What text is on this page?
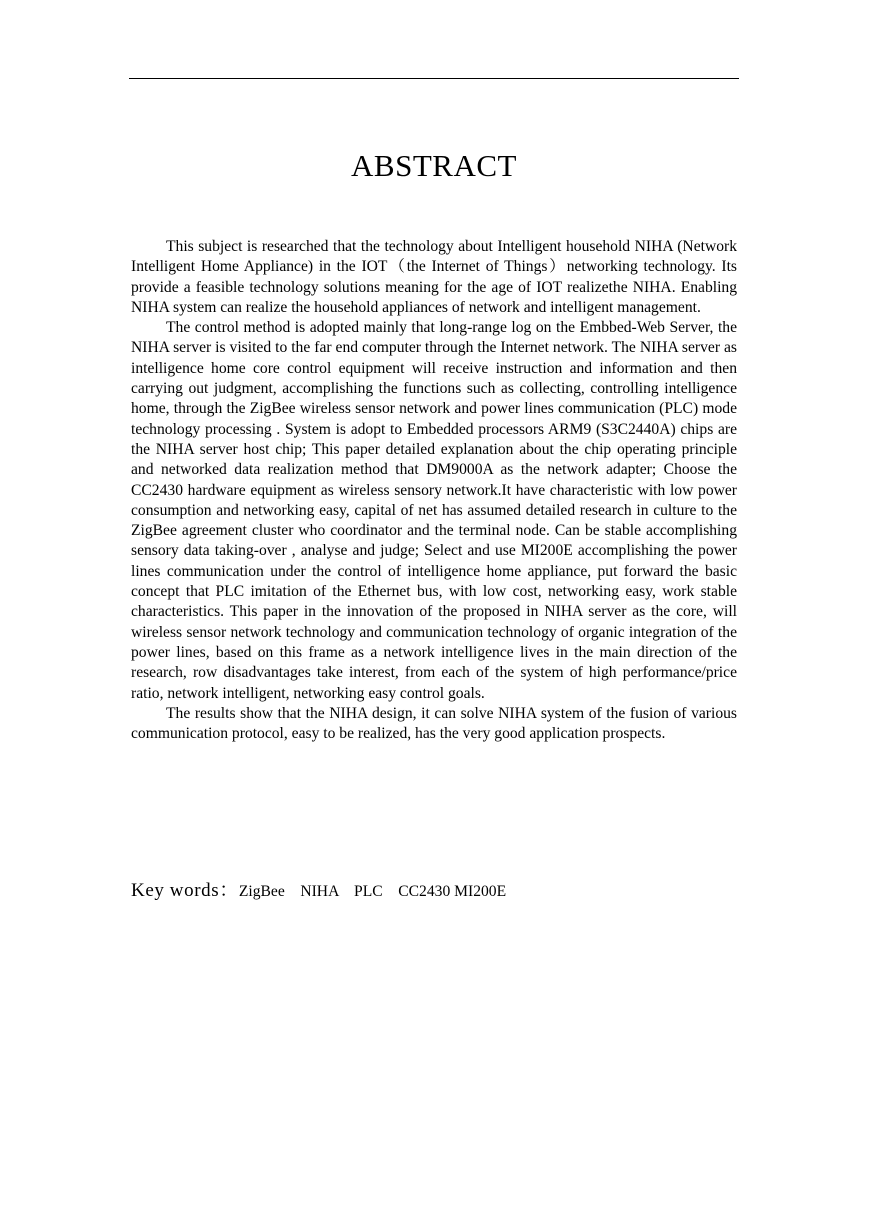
ABSTRACT

This subject is researched that the technology about Intelligent household NIHA (Network Intelligent Home Appliance) in the IOT（the Internet of Things）networking technology. Its provide a feasible technology solutions meaning for the age of IOT realizethe NIHA. Enabling NIHA system can realize the household appliances of network and intelligent management.

The control method is adopted mainly that long-range log on the Embbed-Web Server, the NIHA server is visited to the far end computer through the Internet network. The NIHA server as intelligence home core control equipment will receive instruction and information and then carrying out judgment, accomplishing the functions such as collecting, controlling intelligence home, through the ZigBee wireless sensor network and power lines communication (PLC) mode technology processing . System is adopt to Embedded processors ARM9 (S3C2440A) chips are the NIHA server host chip; This paper detailed explanation about the chip operating principle and networked data realization method that DM9000A as the network adapter; Choose the CC2430 hardware equipment as wireless sensory network.It have characteristic with low power consumption and networking easy, capital of net has assumed detailed research in culture to the ZigBee agreement cluster who coordinator and the terminal node. Can be stable accomplishing sensory data taking-over , analyse and judge; Select and use MI200E accomplishing the power lines communication under the control of intelligence home appliance, put forward the basic concept that PLC imitation of the Ethernet bus, with low cost, networking easy, work stable characteristics. This paper in the innovation of the proposed in NIHA server as the core, will wireless sensor network technology and communication technology of organic integration of the power lines, based on this frame as a network intelligence lives in the main direction of the research, row disadvantages take interest, from each of the system of high performance/price ratio, network intelligent, networking easy control goals.

The results show that the NIHA design, it can solve NIHA system of the fusion of various communication protocol, easy to be realized, has the very good application prospects.

Key words：ZigBee    NIHA    PLC    CC2430 MI200E
